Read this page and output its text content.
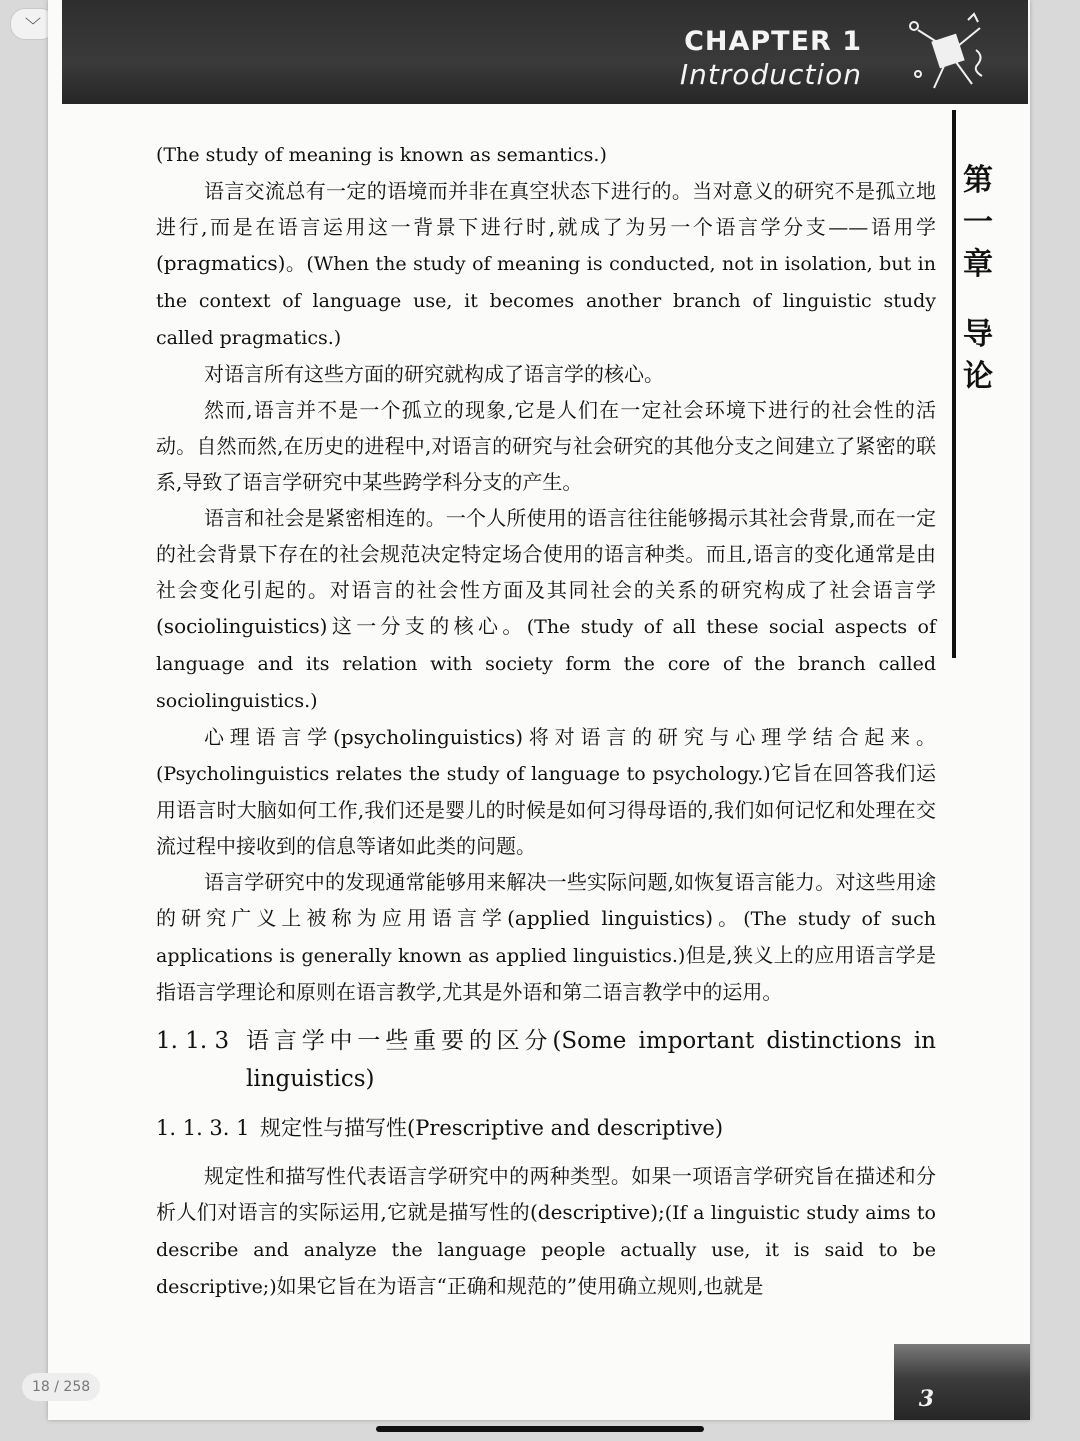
﹀
CHAPTER 1
Introduction
第
一
章
导
论

(The study of meaning is known as semantics.)

语言交流总有一定的语境而并非在真空状态下进行的。当对意义的研究不是孤立地进行,而是在语言运用这一背景下进行时,就成了为另一个语言学分支——语用学(pragmatics)。(When the study of meaning is conducted, not in isolation, but in the context of language use, it becomes another branch of linguistic study called pragmatics.)

对语言所有这些方面的研究就构成了语言学的核心。

然而,语言并不是一个孤立的现象,它是人们在一定社会环境下进行的社会性的活动。自然而然,在历史的进程中,对语言的研究与社会研究的其他分支之间建立了紧密的联系,导致了语言学研究中某些跨学科分支的产生。

语言和社会是紧密相连的。一个人所使用的语言往往能够揭示其社会背景,而在一定的社会背景下存在的社会规范决定特定场合使用的语言种类。而且,语言的变化通常是由社会变化引起的。对语言的社会性方面及其同社会的关系的研究构成了社会语言学(sociolinguistics)这一分支的核心。(The study of all these social aspects of language and its relation with society form the core of the branch called sociolinguistics.)

心理语言学(psycholinguistics)将对语言的研究与心理学结合起来。(Psycholinguistics relates the study of language to psychology.)它旨在回答我们运用语言时大脑如何工作,我们还是婴儿的时候是如何习得母语的,我们如何记忆和处理在交流过程中接收到的信息等诸如此类的问题。

语言学研究中的发现通常能够用来解决一些实际问题,如恢复语言能力。对这些用途的研究广义上被称为应用语言学(applied linguistics)。(The study of such applications is generally known as applied linguistics.)但是,狭义上的应用语言学是指语言学理论和原则在语言教学,尤其是外语和第二语言教学中的运用。

1. 1. 3 语言学中一些重要的区分(Some important distinctions in linguistics)
1. 1. 3. 1 规定性与描写性(Prescriptive and descriptive)

规定性和描写性代表语言学研究中的两种类型。如果一项语言学研究旨在描述和分析人们对语言的实际运用,它就是描写性的(descriptive);(If a linguistic study aims to describe and analyze the language people actually use, it is said to be descriptive;)如果它旨在为语言“正确和规范的”使用确立规则,也就是

3
18 / 258
